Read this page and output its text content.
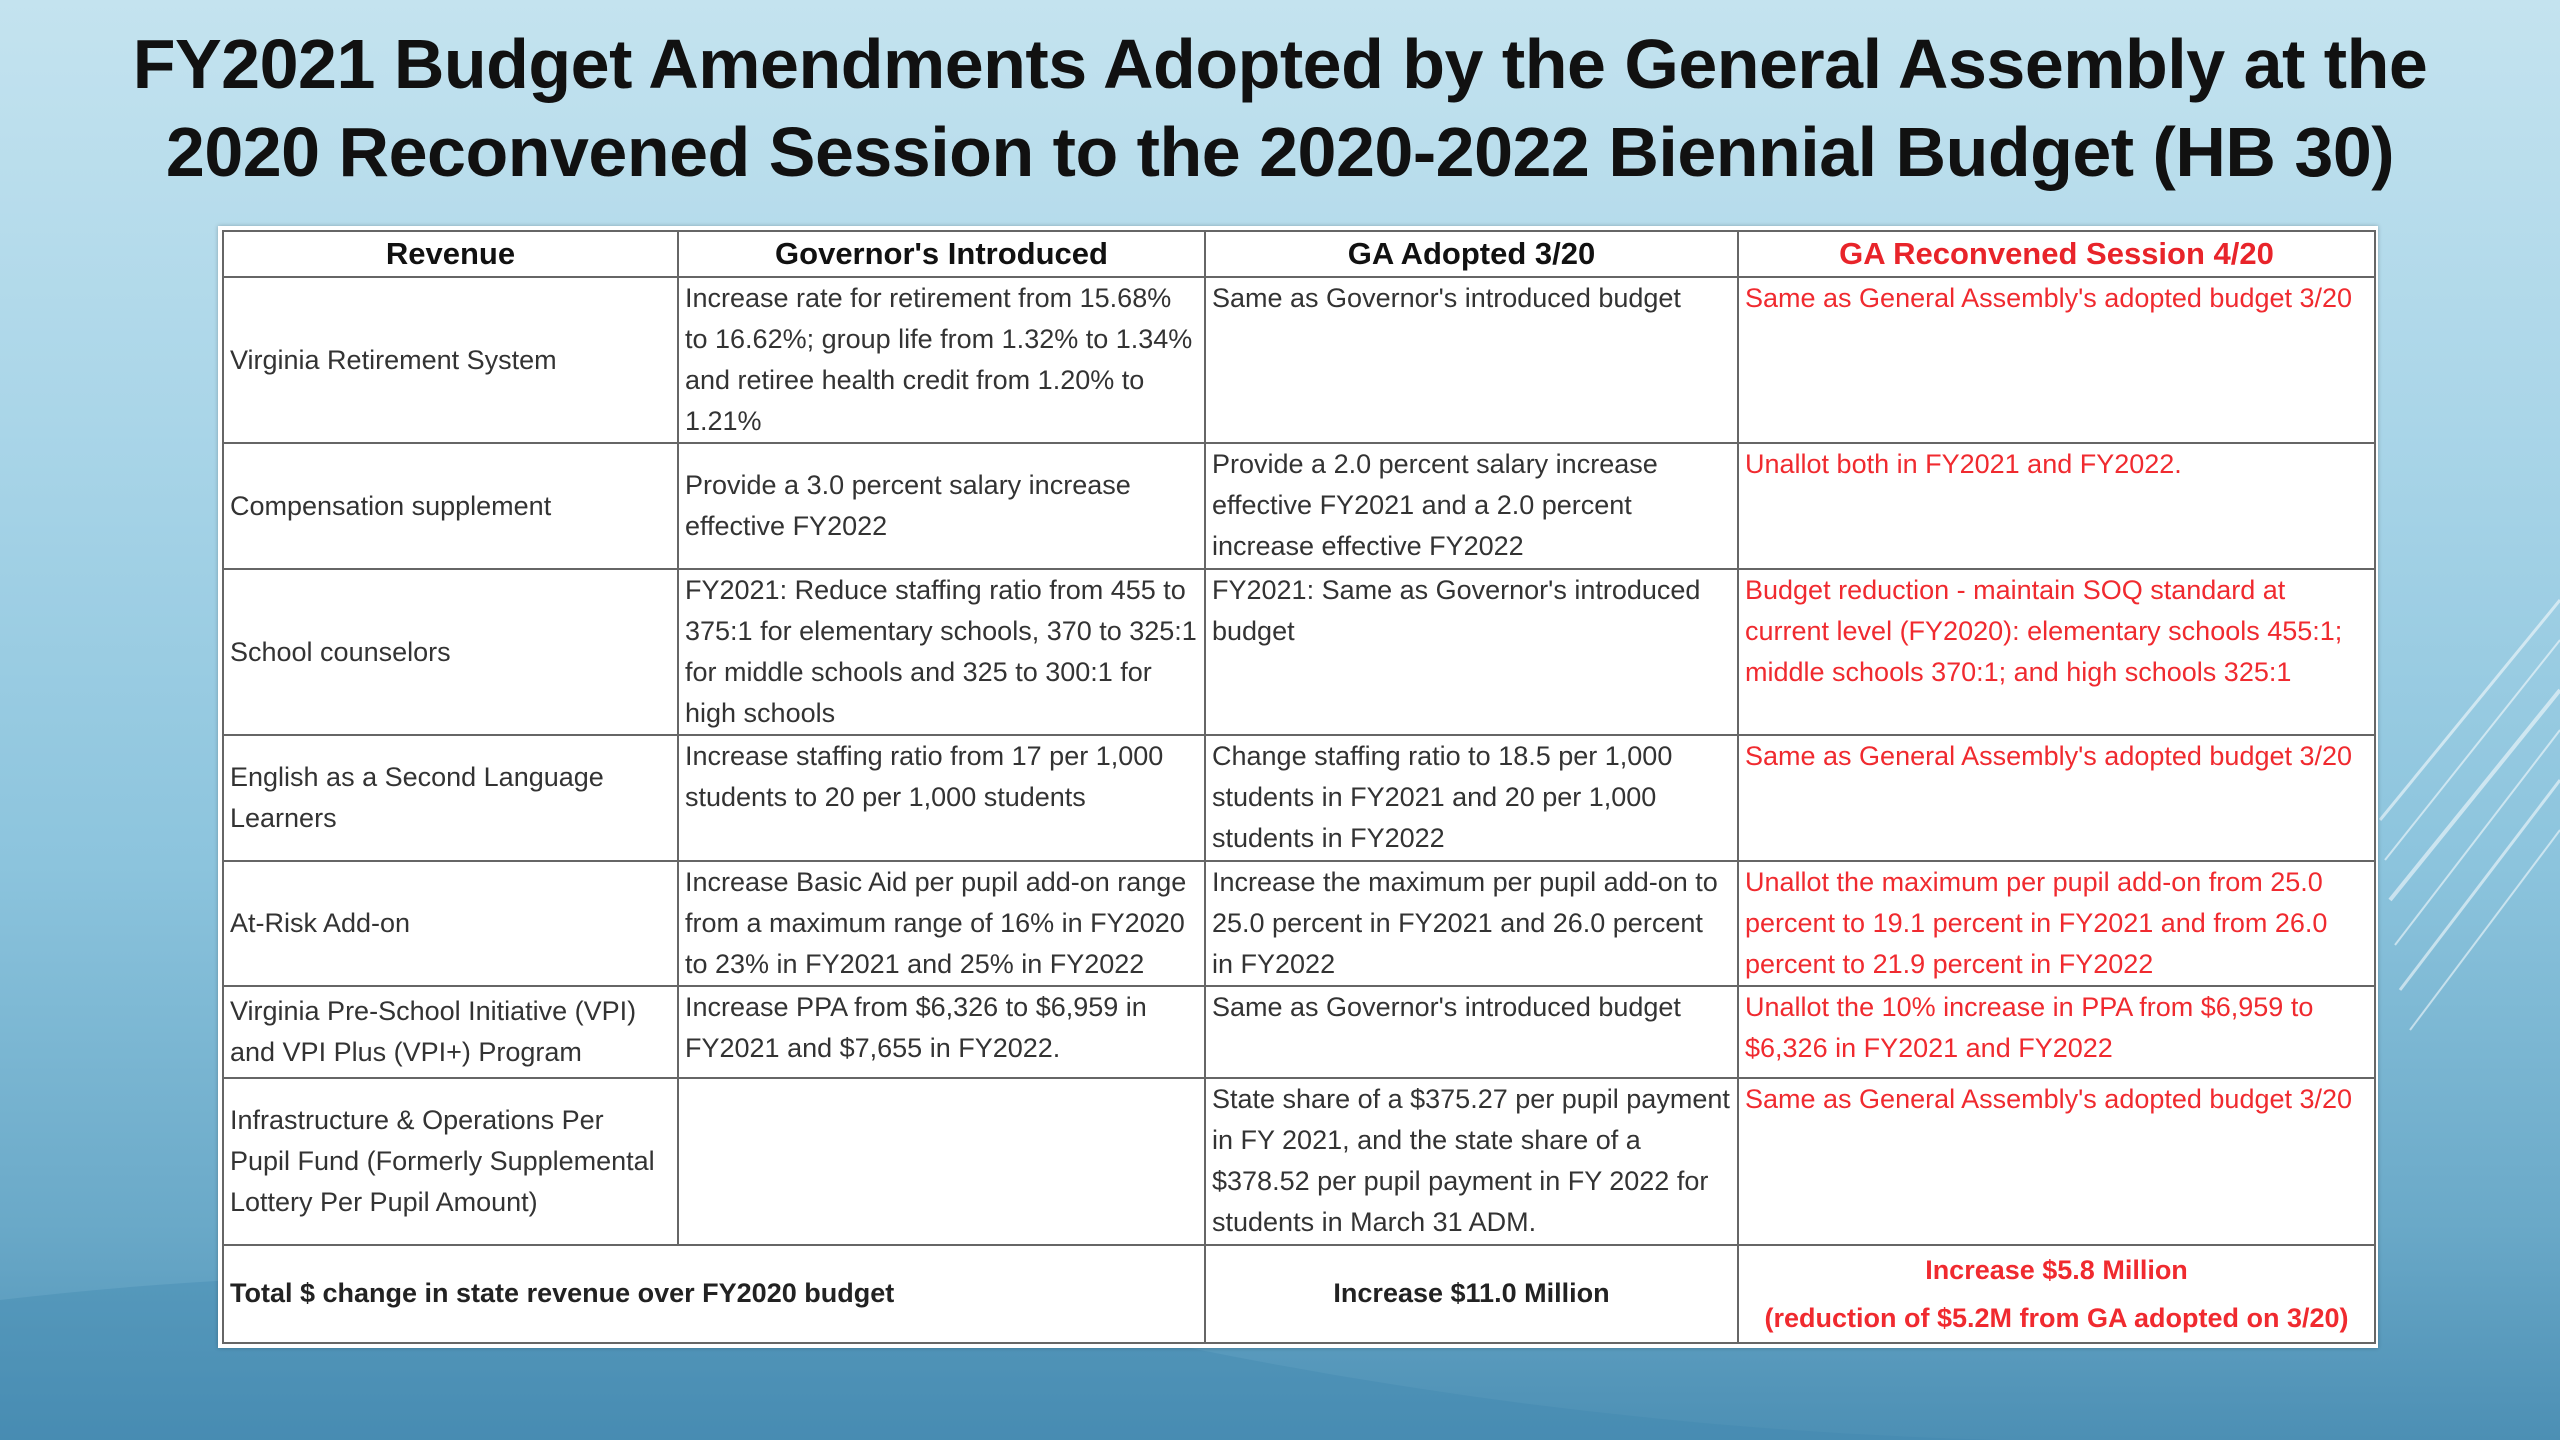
FY2021 Budget Amendments Adopted by the General Assembly at the
2020 Reconvened Session to the 2020-2022 Biennial Budget (HB 30)
Revenue	Governor's Introduced	GA Adopted 3/20	GA Reconvened Session 4/20
Virginia Retirement System	Increase rate for retirement from 15.68% to 16.62%; group life from 1.32% to 1.34% and retiree health credit from 1.20% to 1.21%	Same as Governor's introduced budget	Same as General Assembly's adopted budget 3/20
Compensation supplement	Provide a 3.0 percent salary increase effective FY2022	Provide a 2.0 percent salary increase effective FY2021 and a 2.0 percent increase effective FY2022	Unallot both in FY2021 and FY2022.
School counselors	FY2021: Reduce staffing ratio from 455 to 375:1 for elementary schools, 370 to 325:1 for middle schools and 325 to 300:1 for high schools	FY2021: Same as Governor's introduced budget	Budget reduction - maintain SOQ standard at current level (FY2020): elementary schools 455:1; middle schools 370:1; and high schools 325:1
English as a Second Language Learners	Increase staffing ratio from 17 per 1,000 students to 20 per 1,000 students	Change staffing ratio to 18.5 per 1,000 students in FY2021 and 20 per 1,000 students in FY2022	Same as General Assembly's adopted budget 3/20
At-Risk Add-on	Increase Basic Aid per pupil add-on range from a maximum range of 16% in FY2020 to 23% in FY2021 and 25% in FY2022	Increase the maximum per pupil add-on to 25.0 percent in FY2021 and 26.0 percent in FY2022	Unallot the maximum per pupil add-on from 25.0 percent to 19.1 percent in FY2021 and from 26.0 percent to 21.9 percent in FY2022
Virginia Pre-School Initiative (VPI) and VPI Plus (VPI+) Program	Increase PPA from $6,326 to $6,959 in FY2021 and $7,655 in FY2022.	Same as Governor's introduced budget	Unallot the 10% increase in PPA from $6,959 to $6,326 in FY2021 and FY2022
Infrastructure & Operations Per Pupil Fund (Formerly Supplemental Lottery Per Pupil Amount)		State share of a $375.27 per pupil payment in FY 2021, and the state share of a $378.52 per pupil payment in FY 2022 for students in March 31 ADM.	Same as General Assembly's adopted budget 3/20
Total $ change in state revenue over FY2020 budget		Increase $11.0 Million	Increase $5.8 Million
(reduction of $5.2M from GA adopted on 3/20)
